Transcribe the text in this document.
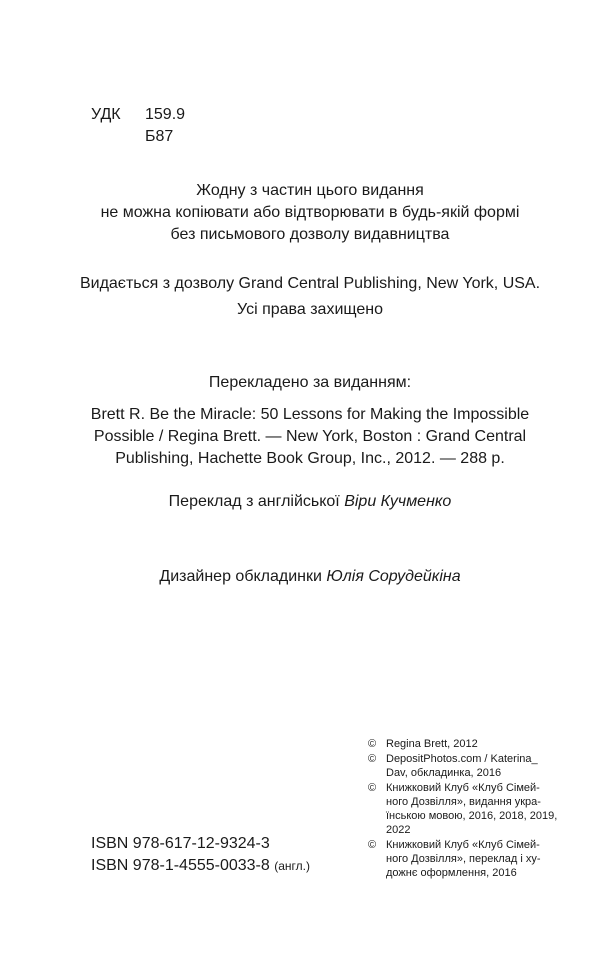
УДК	159.9
Б87
Жодну з частин цього видання
не можна копіювати або відтворювати в будь-якій формі
без письмового дозволу видавництва
Видається з дозволу Grand Central Publishing, New York, USA.
Усі права захищено
Перекладено за виданням:
Brett R. Be the Miracle: 50 Lessons for Making the Impossible
Possible / Regina Brett. — New York, Boston : Grand Central
Publishing, Hachette Book Group, Inc., 2012. — 288 p.
Переклад з англійської Віри Кучменко
Дизайнер обкладинки Юлія Сорудейкіна
© Regina Brett, 2012
© DepositPhotos.com / Katerina_
Dav, обкладинка, 2016
© Книжковий Клуб «Клуб Сімей-
ного Дозвілля», видання укра-
їнською мовою, 2016, 2018, 2019,
2022
© Книжковий Клуб «Клуб Сімей-
ного Дозвілля», переклад і ху-
дожнє оформлення, 2016
ISBN 978-617-12-9324-3
ISBN 978-1-4555-0033-8 (англ.)
